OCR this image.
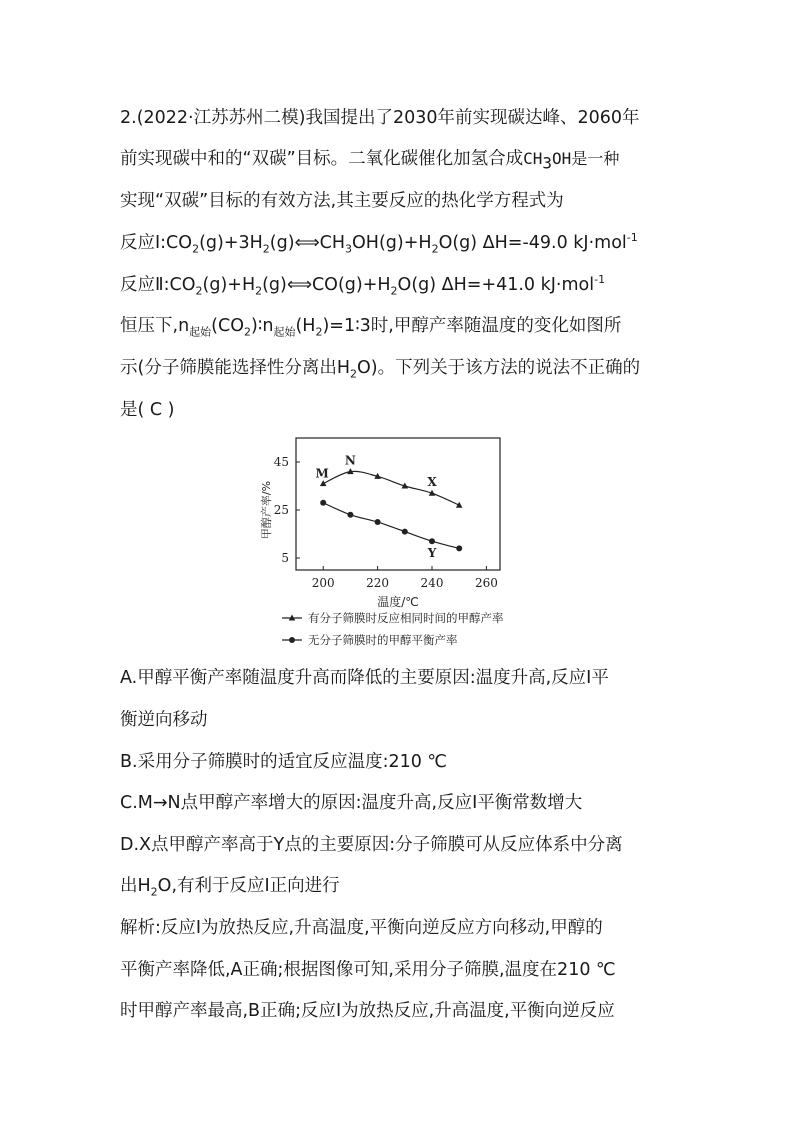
2.(2022·江苏苏州二模)我国提出了2030年前实现碳达峰、2060年
前实现碳中和的“双碳”目标。二氧化碳催化加氢合成$CH_3OH$是一种
实现“双碳”目标的有效方法,其主要反应的热化学方程式为
反应$Ⅰ:CO_2(g)+3H_2(g)⟺CH_3OH(g)+H_2O(g)$ ΔH=-49.0 kJ·mol$^{-1}$
反应$Ⅱ:CO_2(g)+H_2(g)⟺CO(g)+H_2O(g)$ ΔH=+41.0 kJ·mol$^{-1}$
恒压下$,n_{起始}(CO_2)∶n_{起始}(H_2)=1∶3$时,甲醇产率随温度的变化如图所
示(分子筛膜能选择性分离出$H_2O$)。下列关于该方法的说法不正确的
是( C )
200	220	240	260
5
25
45
M
N
X
Y
有分子筛膜时反应相同时间的甲醇产率
无分子筛膜时的甲醇平衡产率
温度/℃
甲醇产率/%
A.甲醇平衡产率随温度升高而降低的主要原因:温度升高,反应Ⅰ平
衡逆向移动
B.采用分子筛膜时的适宜反应温度:210 ℃
C.M→N点甲醇产率增大的原因:温度升高,反应Ⅰ平衡常数增大
D.X点甲醇产率高于Y点的主要原因:分子筛膜可从反应体系中分离
出$H_2O$,有利于反应Ⅰ正向进行
解析:反应Ⅰ为放热反应,升高温度,平衡向逆反应方向移动,甲醇的
平衡产率降低,A正确;根据图像可知,采用分子筛膜,温度在210 ℃
时甲醇产率最高,B正确;反应Ⅰ为放热反应,升高温度,平衡向逆反应
